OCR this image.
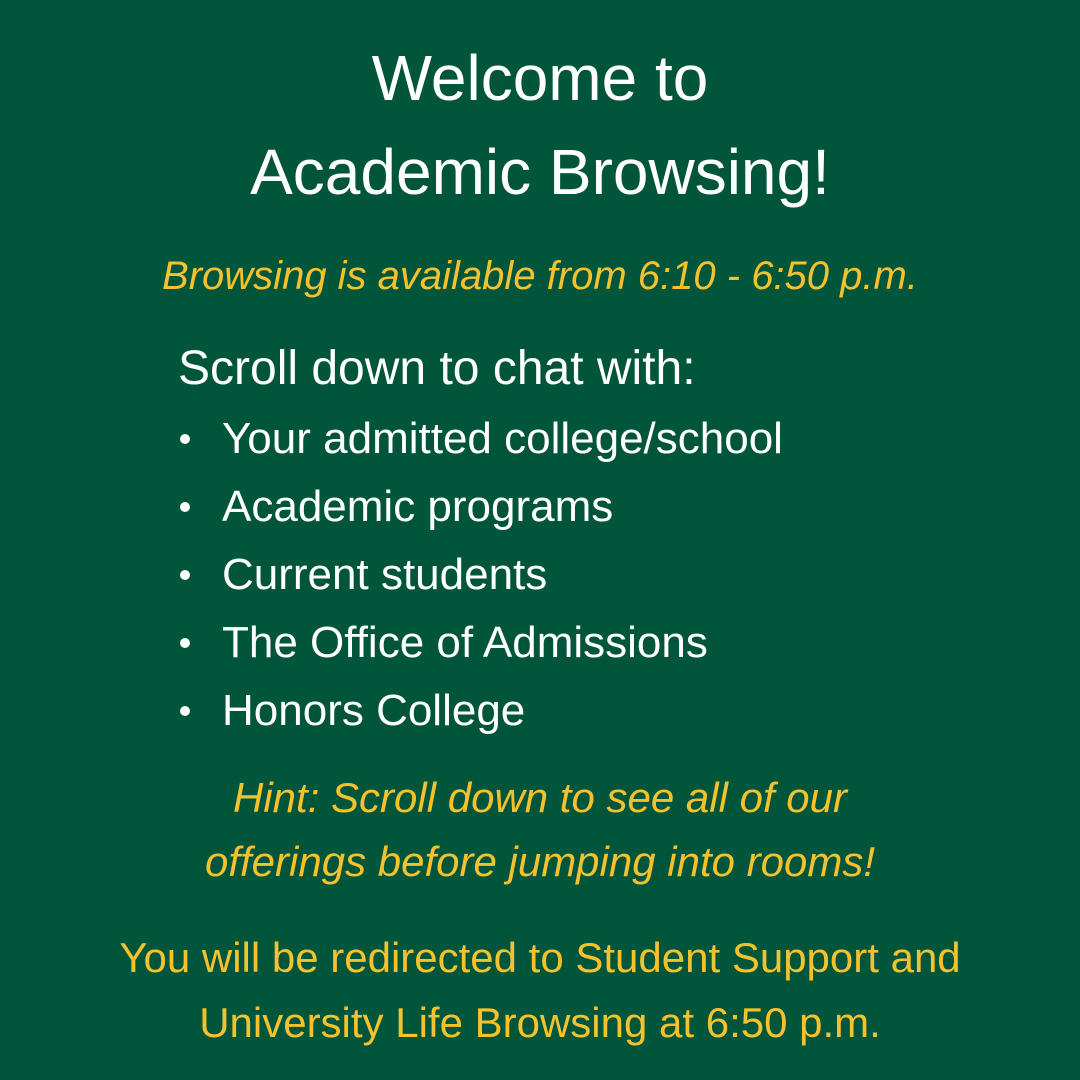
Welcome to
Academic Browsing!
Browsing is available from 6:10 - 6:50 p.m.
Scroll down to chat with:
Your admitted college/school
Academic programs
Current students
The Office of Admissions
Honors College
Hint: Scroll down to see all of our
offerings before jumping into rooms!
You will be redirected to Student Support and
University Life Browsing at 6:50 p.m.
